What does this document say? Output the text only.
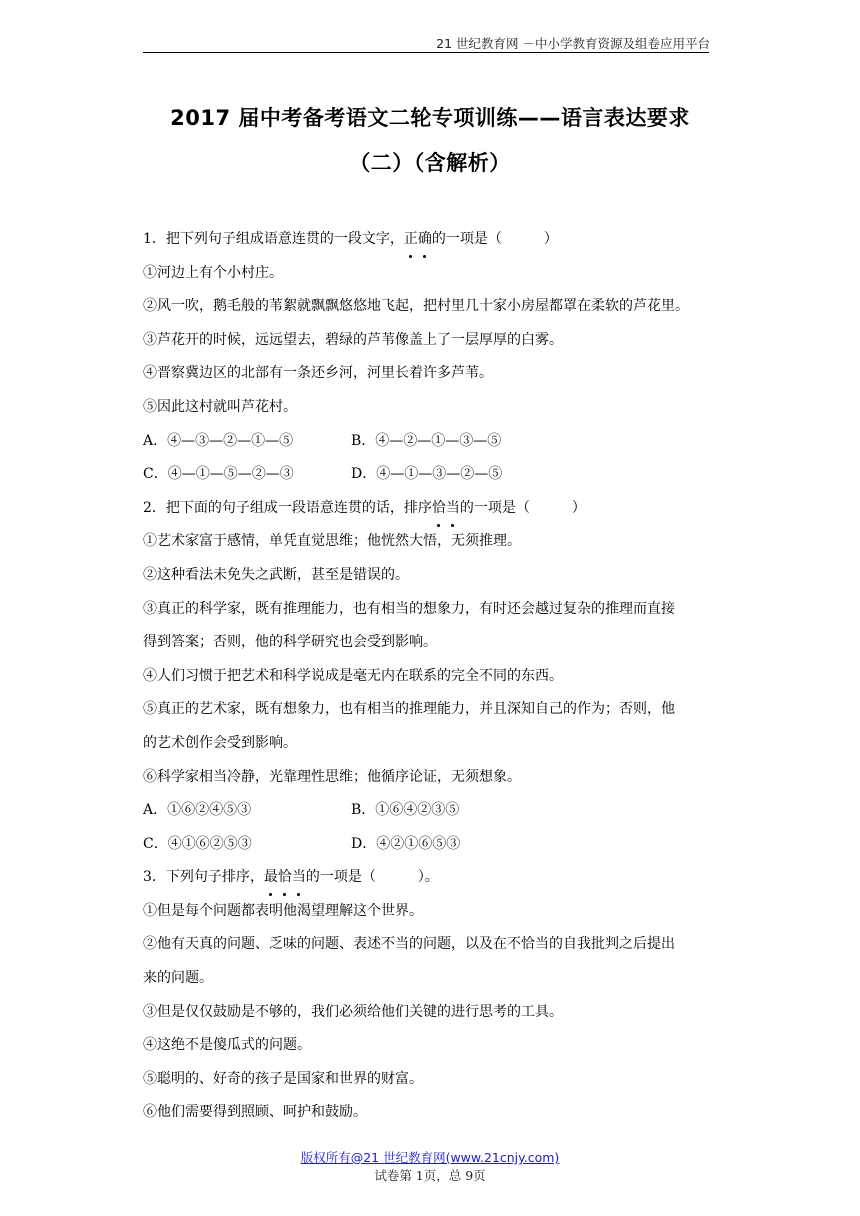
21 世纪教育网 －中小学教育资源及组卷应用平台
2017 届中考备考语文二轮专项训练——语言表达要求
（二）（含解析）
1．把下列句子组成语意连贯的一段文字，正确的一项是（　　　）
①河边上有个小村庄。
②风一吹，鹅毛般的苇絮就飘飘悠悠地飞起，把村里几十家小房屋都罩在柔软的芦花里。
③芦花开的时候，远远望去，碧绿的芦苇像盖上了一层厚厚的白雾。
④晋察冀边区的北部有一条还乡河，河里长着许多芦苇。
⑤因此这村就叫芦花村。
A．④—③—②—①—⑤	B．④—②—①—③—⑤
C．④—①—⑤—②—③	D．④—①—③—②—⑤
2．把下面的句子组成一段语意连贯的话，排序恰当的一项是（　　　）
①艺术家富于感情，单凭直觉思维；他恍然大悟，无须推理。
②这种看法未免失之武断，甚至是错误的。
③真正的科学家，既有推理能力，也有相当的想象力，有时还会越过复杂的推理而直接
得到答案；否则，他的科学研究也会受到影响。
④人们习惯于把艺术和科学说成是毫无内在联系的完全不同的东西。
⑤真正的艺术家，既有想象力，也有相当的推理能力，并且深知自己的作为；否则，他
的艺术创作会受到影响。
⑥科学家相当冷静，光靠理性思维；他循序论证，无须想象。
A．①⑥②④⑤③	B．①⑥④②③⑤
C．④①⑥②⑤③	D．④②①⑥⑤③
3．下列句子排序，最恰当的一项是（　　　）。
①但是每个问题都表明他渴望理解这个世界。
②他有天真的问题、乏味的问题、表述不当的问题，以及在不恰当的自我批判之后提出
来的问题。
③但是仅仅鼓励是不够的，我们必须给他们关键的进行思考的工具。
④这绝不是傻瓜式的问题。
⑤聪明的、好奇的孩子是国家和世界的财富。
⑥他们需要得到照顾、呵护和鼓励。
版权所有@21 世纪教育网(www.21cnjy.com)
试卷第 1页，总 9页
